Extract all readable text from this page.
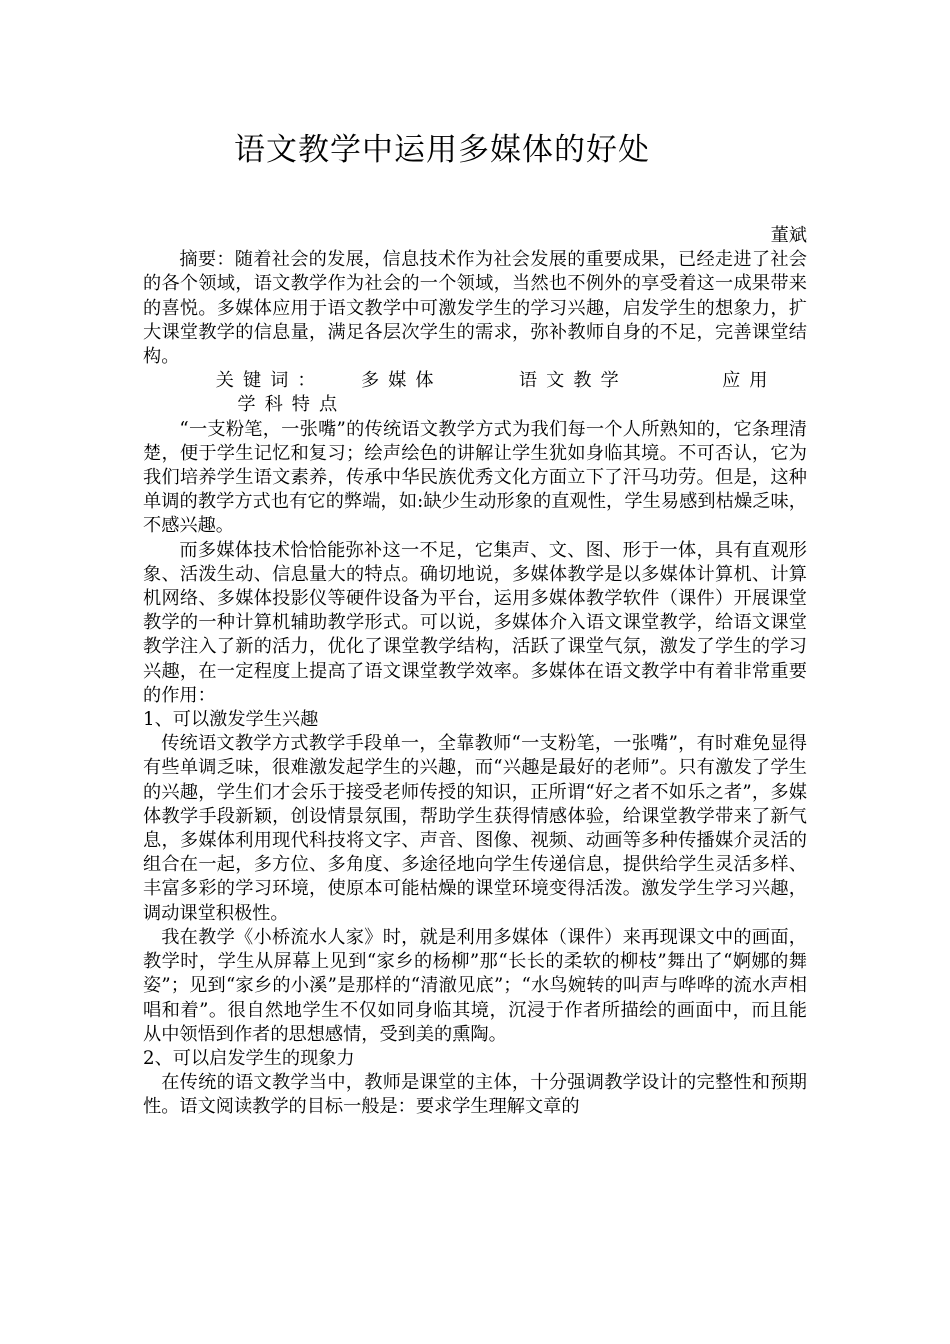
语文教学中运用多媒体的好处

董斌

摘要：随着社会的发展，信息技术作为社会发展的重要成果，已经走进了社会的各个领域，语文教学作为社会的一个领域，当然也不例外的享受着这一成果带来的喜悦。多媒体应用于语文教学中可激发学生的学习兴趣，启发学生的想象力，扩大课堂教学的信息量，满足各层次学生的需求，弥补教师自身的不足，完善课堂结构。

关键词： 多媒体	语文教学	应用学科特点

“一支粉笔，一张嘴”的传统语文教学方式为我们每一个人所熟知的，它条理清楚，便于学生记忆和复习；绘声绘色的讲解让学生犹如身临其境。不可否认，它为我们培养学生语文素养，传承中华民族优秀文化方面立下了汗马功劳。但是，这种单调的教学方式也有它的弊端，如:缺少生动形象的直观性，学生易感到枯燥乏味，不感兴趣。

而多媒体技术恰恰能弥补这一不足，它集声、文、图、形于一体，具有直观形象、活泼生动、信息量大的特点。确切地说，多媒体教学是以多媒体计算机、计算机网络、多媒体投影仪等硬件设备为平台，运用多媒体教学软件（课件）开展课堂教学的一种计算机辅助教学形式。可以说，多媒体介入语文课堂教学，给语文课堂教学注入了新的活力，优化了课堂教学结构，活跃了课堂气氛，激发了学生的学习兴趣，在一定程度上提高了语文课堂教学效率。多媒体在语文教学中有着非常重要的作用：

1、可以激发学生兴趣

传统语文教学方式教学手段单一，全靠教师“一支粉笔，一张嘴”，有时难免显得有些单调乏味，很难激发起学生的兴趣，而“兴趣是最好的老师”。只有激发了学生的兴趣，学生们才会乐于接受老师传授的知识，正所谓“好之者不如乐之者”，多媒体教学手段新颖，创设情景氛围，帮助学生获得情感体验，给课堂教学带来了新气息，多媒体利用现代科技将文字、声音、图像、视频、动画等多种传播媒介灵活的组合在一起，多方位、多角度、多途径地向学生传递信息，提供给学生灵活多样、丰富多彩的学习环境，使原本可能枯燥的课堂环境变得活泼。激发学生学习兴趣，调动课堂积极性。

我在教学《小桥流水人家》时，就是利用多媒体（课件）来再现课文中的画面，教学时，学生从屏幕上见到“家乡的杨柳”那“长长的柔软的柳枝”舞出了“婀娜的舞姿”；见到“家乡的小溪”是那样的“清澈见底”；“水鸟婉转的叫声与哗哗的流水声相唱和着”。很自然地学生不仅如同身临其境，沉浸于作者所描绘的画面中，而且能从中领悟到作者的思想感情，受到美的熏陶。

2、可以启发学生的现象力

在传统的语文教学当中，教师是课堂的主体，十分强调教学设计的完整性和预期性。语文阅读教学的目标一般是：要求学生理解文章的
